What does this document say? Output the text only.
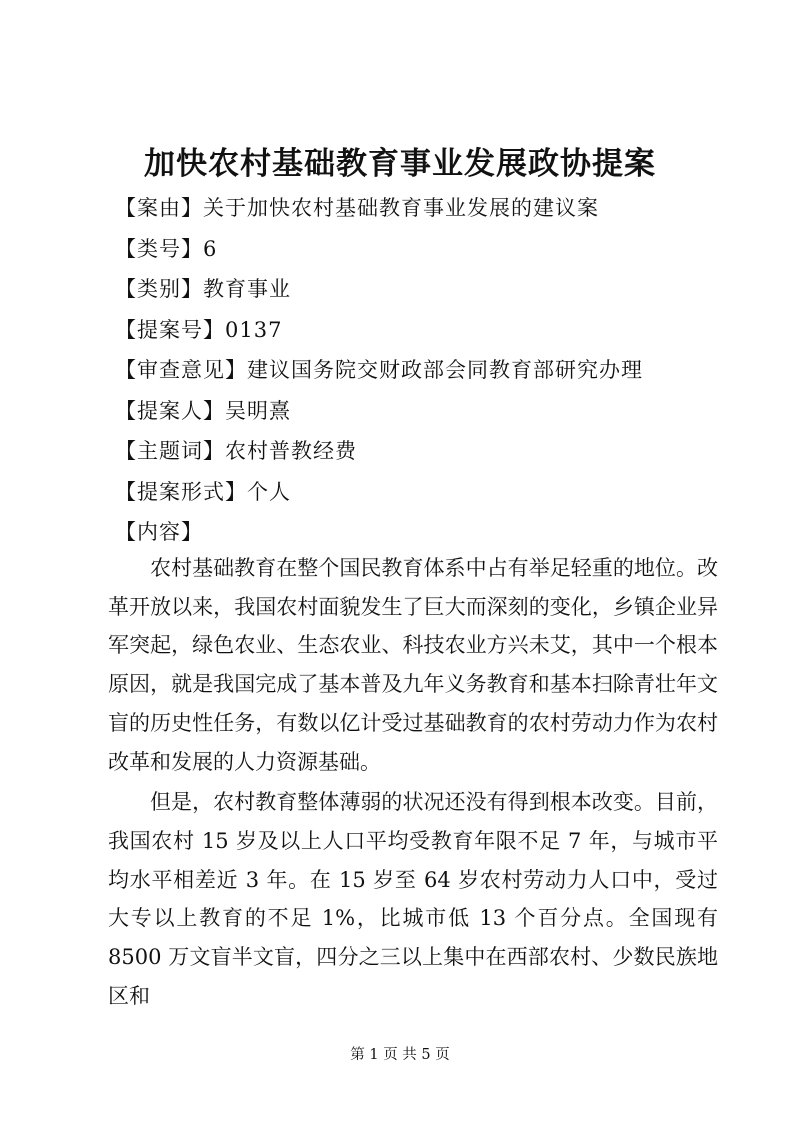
加快农村基础教育事业发展政协提案
【案由】关于加快农村基础教育事业发展的建议案
【类号】6
【类别】教育事业
【提案号】0137
【审查意见】建议国务院交财政部会同教育部研究办理
【提案人】吴明熹
【主题词】农村普教经费
【提案形式】个人
【内容】

农村基础教育在整个国民教育体系中占有举足轻重的地位。改革开放以来，我国农村面貌发生了巨大而深刻的变化，乡镇企业异军突起，绿色农业、生态农业、科技农业方兴未艾，其中一个根本原因，就是我国完成了基本普及九年义务教育和基本扫除青壮年文盲的历史性任务，有数以亿计受过基础教育的农村劳动力作为农村改革和发展的人力资源基础。

但是，农村教育整体薄弱的状况还没有得到根本改变。目前，我国农村 15 岁及以上人口平均受教育年限不足 7 年，与城市平均水平相差近 3 年。在 15 岁至 64 岁农村劳动力人口中，受过大专以上教育的不足 1%，比城市低 13 个百分点。全国现有 8500 万文盲半文盲，四分之三以上集中在西部农村、少数民族地区和

第 1 页 共 5 页
